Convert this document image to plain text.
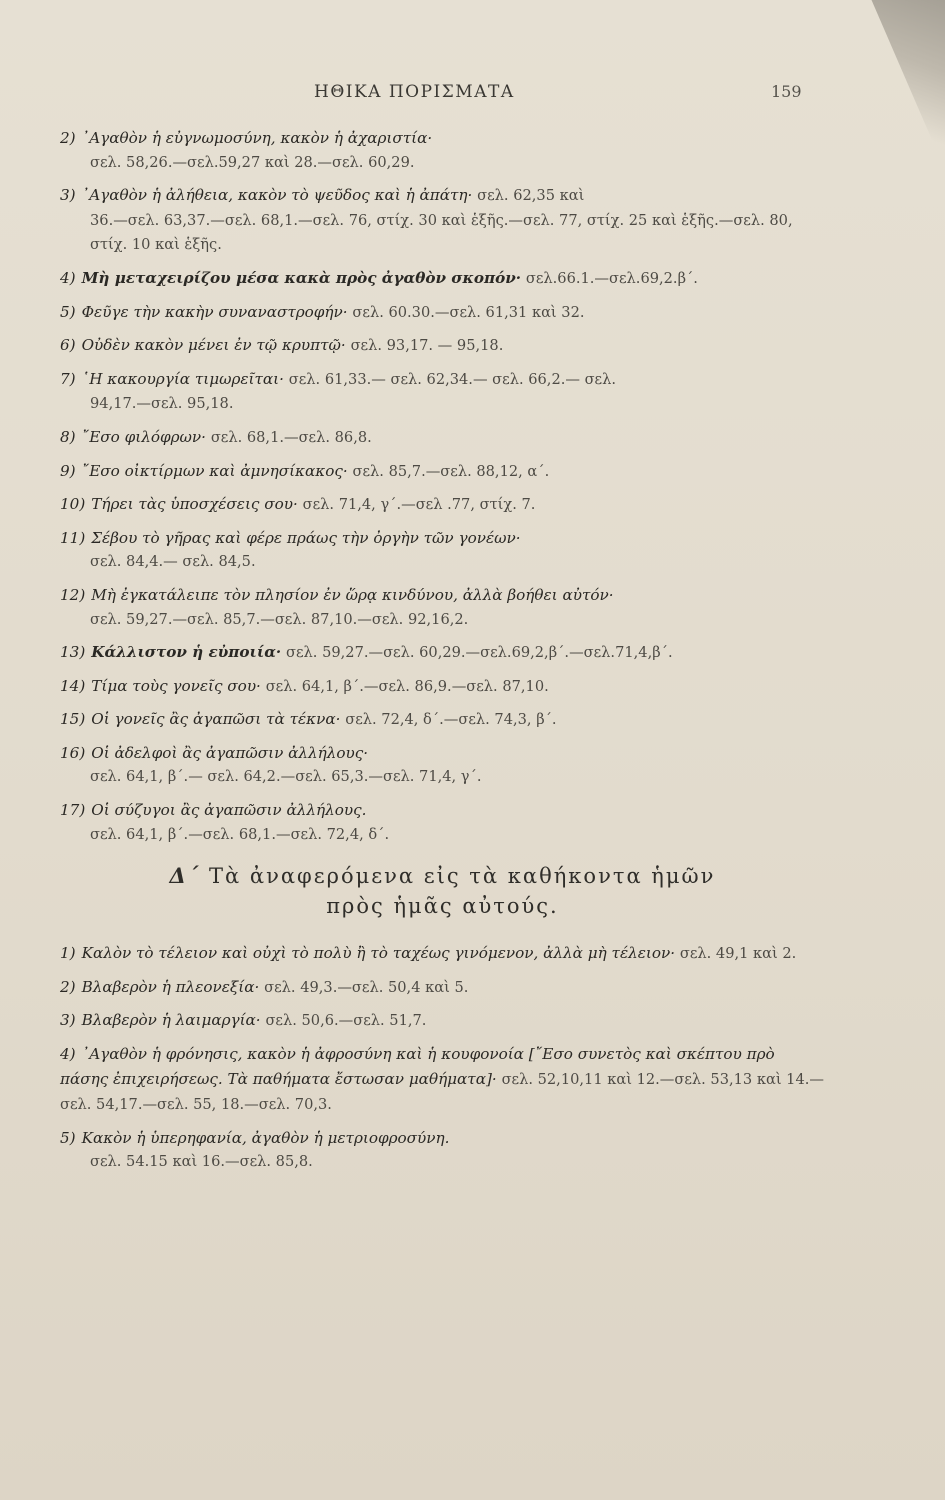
ΗΘΙΚΑ ΠΟΡΙΣΜΑΤΑ	159
2) ᾿Αγαθὸν ἡ εὐγνωμοσύνη, κακὸν ἡ ἀχαριστία·
σελ. 58,26.—σελ.59,27 καὶ 28.—σελ. 60,29.
3) ᾿Αγαθὸν ἡ ἀλήθεια, κακὸν τὸ ψεῦδος καὶ ἡ ἀπάτη· σελ. 62,35 καὶ
36.—σελ. 63,37.—σελ. 68,1.—σελ. 76, στίχ. 30 καὶ ἑξῆς.—σελ. 77, στίχ. 25 καὶ ἑξῆς.—σελ. 80, στίχ. 10 καὶ ἑξῆς.
4) Μὴ μεταχειρίζου μέσα κακὰ πρὸς ἀγαθὸν σκοπόν· σελ.66.1.—σελ.69,2.β΄.
5) Φεῦγε τὴν κακὴν συναναστροφήν· σελ. 60.30.—σελ. 61,31 καὶ 32.
6) Οὐδὲν κακὸν μένει ἐν τῷ κρυπτῷ· σελ. 93,17. — 95,18.
7) ῾Η κακουργία τιμωρεῖται· σελ. 61,33.— σελ. 62,34.— σελ. 66,2.— σελ.
94,17.—σελ. 95,18.
8) ῎Εσο φιλόφρων· σελ. 68,1.—σελ. 86,8.
9) ῎Εσο οἰκτίρμων καὶ ἀμνησίκακος· σελ. 85,7.—σελ. 88,12, α΄.
10) Τήρει τὰς ὑποσχέσεις σου· σελ. 71,4, γ΄.—σελ .77, στίχ. 7.
11) Σέβου τὸ γῆρας καὶ φέρε πράως τὴν ὀργὴν τῶν γονέων·
σελ. 84,4.— σελ. 84,5.
12) Μὴ ἐγκατάλειπε τὸν πλησίον ἐν ὥρᾳ κινδύνου, ἀλλὰ βοήθει αὐτόν·
σελ. 59,27.—σελ. 85,7.—σελ. 87,10.—σελ. 92,16,2.
13) Κάλλιστον ἡ εὐποιία· σελ. 59,27.—σελ. 60,29.—σελ.69,2,β΄.—σελ.71,4,β΄.
14) Τίμα τοὺς γονεῖς σου· σελ. 64,1, β΄.—σελ. 86,9.—σελ. 87,10.
15) Οἱ γονεῖς ἂς ἀγαπῶσι τὰ τέκνα· σελ. 72,4, δ΄.—σελ. 74,3, β΄.
16) Οἱ ἀδελφοὶ ἂς ἀγαπῶσιν ἀλλήλους·
σελ. 64,1, β΄.— σελ. 64,2.—σελ. 65,3.—σελ. 71,4, γ΄.
17) Οἱ σύζυγοι ἂς ἀγαπῶσιν ἀλλήλους.
σελ. 64,1, β΄.—σελ. 68,1.—σελ. 72,4, δ΄.
Δ΄ Τὰ ἀναφερόμενα εἰς τὰ καθήκοντα ἡμῶν
πρὸς ἡμᾶς αὐτούς.
1) Καλὸν τὸ τέλειον καὶ οὐχὶ τὸ πολὺ ἢ τὸ ταχέως γινόμενον, ἀλλὰ μὴ τέλειον· σελ. 49,1 καὶ 2.
2) Βλαβερὸν ἡ πλεονεξία· σελ. 49,3.—σελ. 50,4 καὶ 5.
3) Βλαβερὸν ἡ λαιμαργία· σελ. 50,6.—σελ. 51,7.
4) ᾿Αγαθὸν ἡ φρόνησις, κακὸν ἡ ἀφροσύνη καὶ ἡ κουφονοία [῎Εσο συνετὸς καὶ σκέπτου πρὸ πάσης ἐπιχειρήσεως. Τὰ παθήματα ἔστωσαν μαθήματα]· σελ. 52,10,11 καὶ 12.—σελ. 53,13 καὶ 14.—σελ. 54,17.—σελ. 55, 18.—σελ. 70,3.
5) Κακὸν ἡ ὑπερηφανία, ἀγαθὸν ἡ μετριοφροσύνη.
σελ. 54.15 καὶ 16.—σελ. 85,8.
